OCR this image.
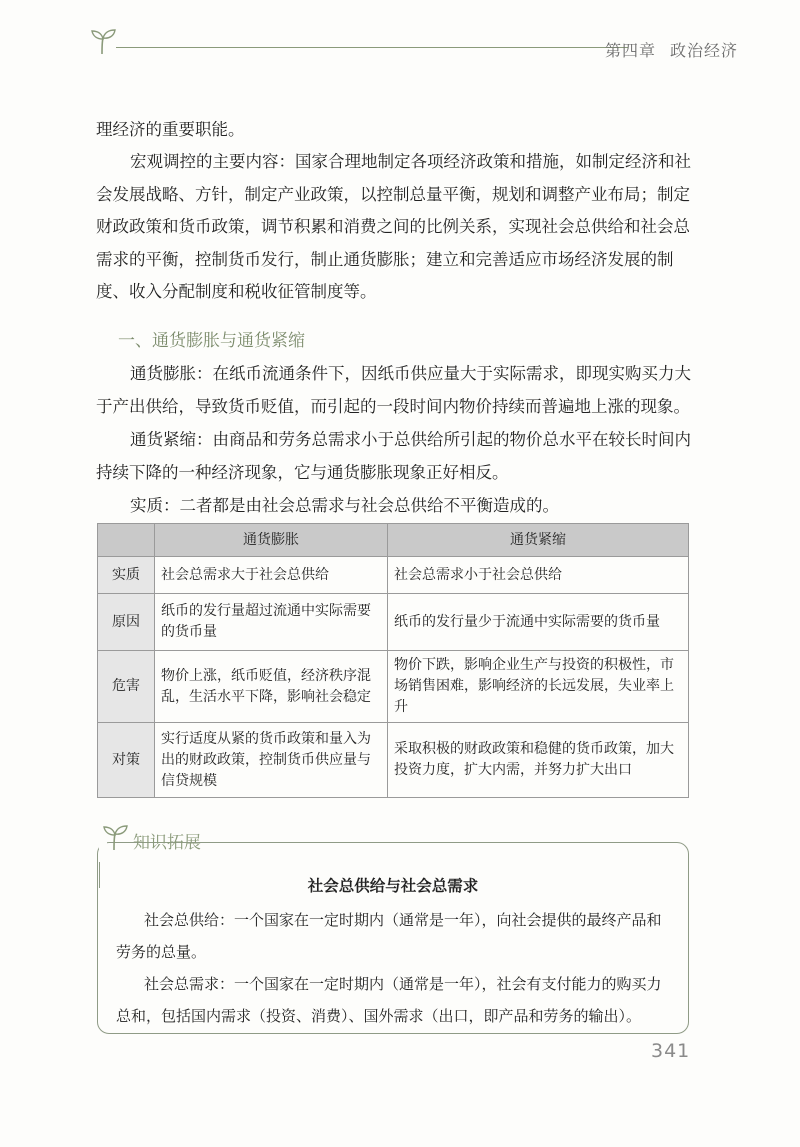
第四章 政治经济
理经济的重要职能。
宏观调控的主要内容：国家合理地制定各项经济政策和措施，如制定经济和社会发展战略、方针，制定产业政策，以控制总量平衡，规划和调整产业布局；制定财政政策和货币政策，调节积累和消费之间的比例关系，实现社会总供给和社会总需求的平衡，控制货币发行，制止通货膨胀；建立和完善适应市场经济发展的制度、收入分配制度和税收征管制度等。
一、通货膨胀与通货紧缩
通货膨胀：在纸币流通条件下，因纸币供应量大于实际需求，即现实购买力大于产出供给，导致货币贬值，而引起的一段时间内物价持续而普遍地上涨的现象。
通货紧缩：由商品和劳务总需求小于总供给所引起的物价总水平在较长时间内持续下降的一种经济现象，它与通货膨胀现象正好相反。
实质：二者都是由社会总需求与社会总供给不平衡造成的。
	通货膨胀	通货紧缩
实质	社会总需求大于社会总供给	社会总需求小于社会总供给
原因	纸币的发行量超过流通中实际需要的货币量	纸币的发行量少于流通中实际需要的货币量
危害	物价上涨，纸币贬值，经济秩序混乱，生活水平下降，影响社会稳定	物价下跌，影响企业生产与投资的积极性，市场销售困难，影响经济的长远发展，失业率上升
对策	实行适度从紧的货币政策和量入为出的财政政策，控制货币供应量与信贷规模	采取积极的财政政策和稳健的货币政策，加大投资力度，扩大内需，并努力扩大出口
知识拓展
社会总供给与社会总需求
社会总供给：一个国家在一定时期内（通常是一年），向社会提供的最终产品和劳务的总量。
社会总需求：一个国家在一定时期内（通常是一年），社会有支付能力的购买力总和，包括国内需求（投资、消费）、国外需求（出口，即产品和劳务的输出）。
341
